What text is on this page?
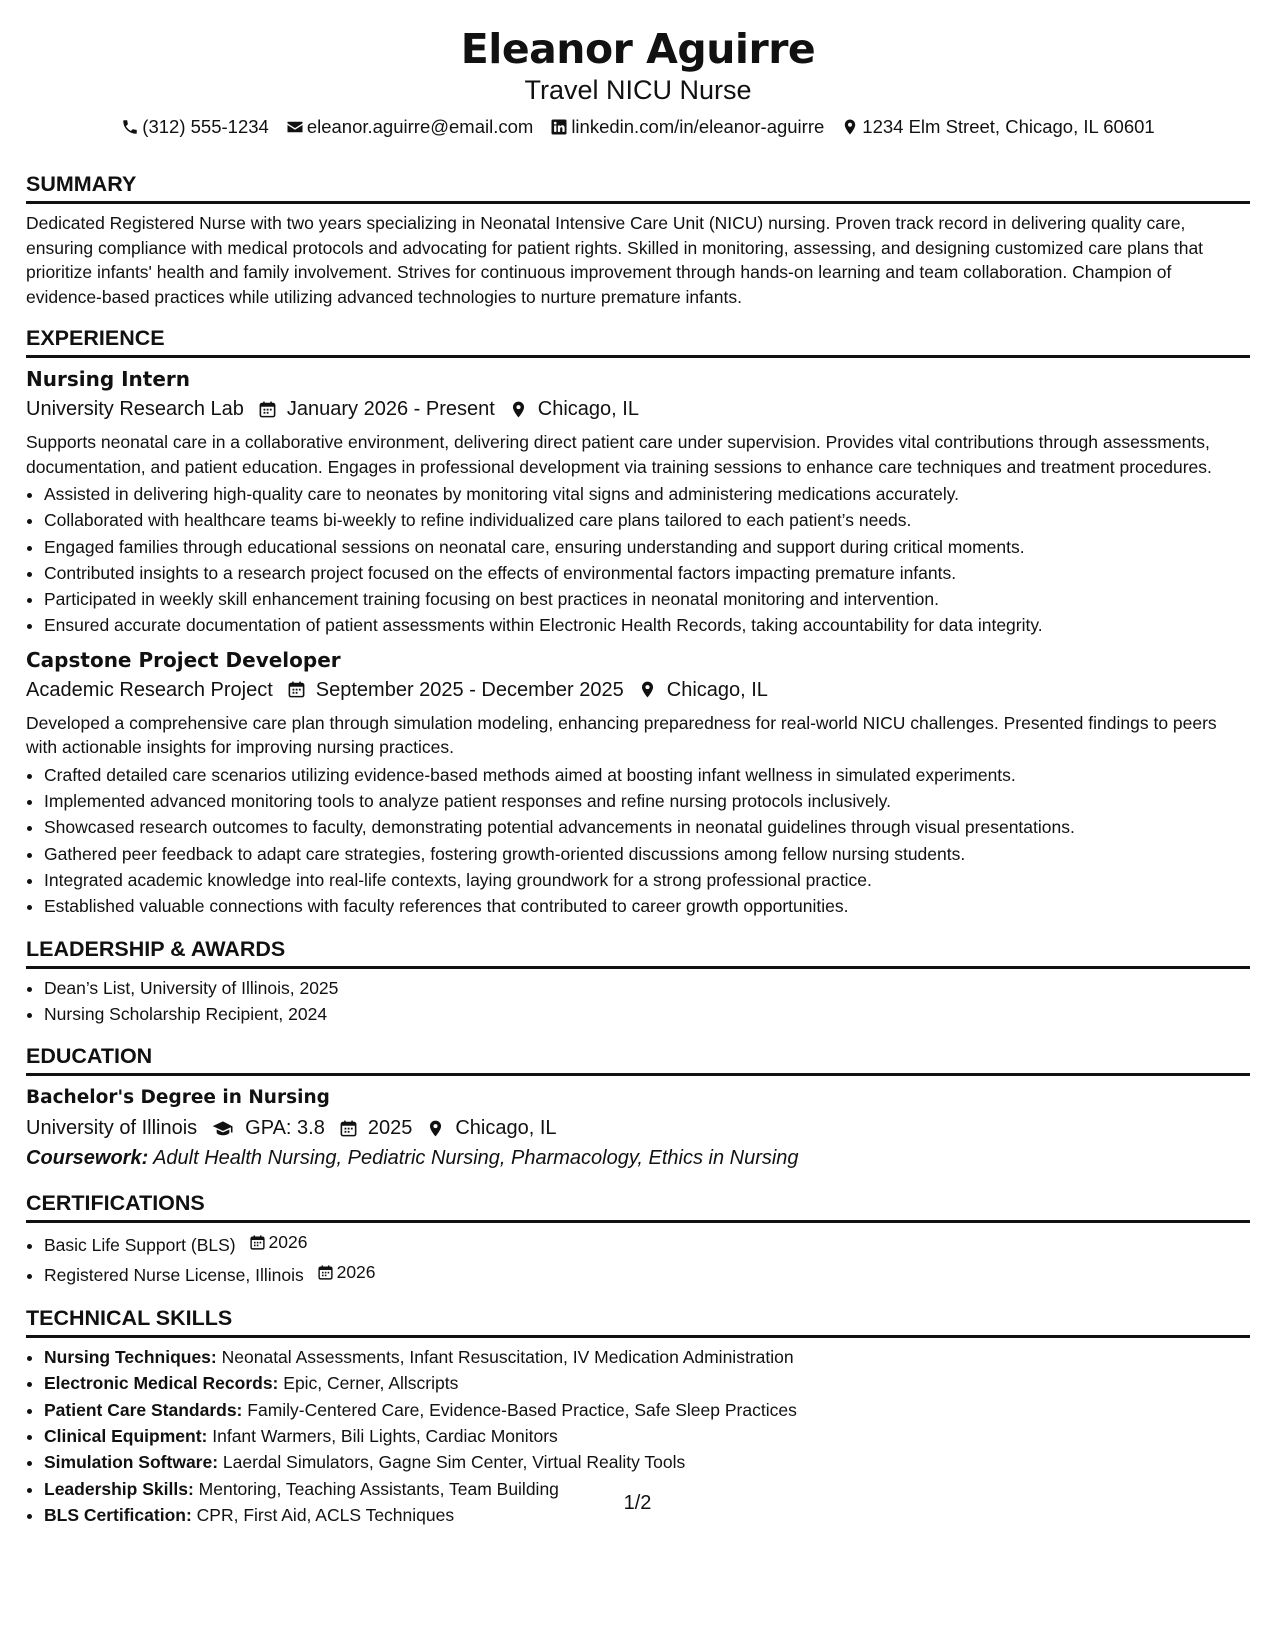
Eleanor Aguirre
Travel NICU Nurse
(312) 555-1234 eleanor.aguirre@email.com linkedin.com/in/eleanor-aguirre 1234 Elm Street, Chicago, IL 60601
SUMMARY
Dedicated Registered Nurse with two years specializing in Neonatal Intensive Care Unit (NICU) nursing. Proven track record in delivering quality care, ensuring compliance with medical protocols and advocating for patient rights. Skilled in monitoring, assessing, and designing customized care plans that prioritize infants' health and family involvement. Strives for continuous improvement through hands-on learning and team collaboration. Champion of evidence-based practices while utilizing advanced technologies to nurture premature infants.
EXPERIENCE
Nursing Intern
University Research Lab January 2026 - Present Chicago, IL
Supports neonatal care in a collaborative environment, delivering direct patient care under supervision. Provides vital contributions through assessments, documentation, and patient education. Engages in professional development via training sessions to enhance care techniques and treatment procedures.
• Assisted in delivering high-quality care to neonates by monitoring vital signs and administering medications accurately.
• Collaborated with healthcare teams bi-weekly to refine individualized care plans tailored to each patient’s needs.
• Engaged families through educational sessions on neonatal care, ensuring understanding and support during critical moments.
• Contributed insights to a research project focused on the effects of environmental factors impacting premature infants.
• Participated in weekly skill enhancement training focusing on best practices in neonatal monitoring and intervention.
• Ensured accurate documentation of patient assessments within Electronic Health Records, taking accountability for data integrity.
Capstone Project Developer
Academic Research Project September 2025 - December 2025 Chicago, IL
Developed a comprehensive care plan through simulation modeling, enhancing preparedness for real-world NICU challenges. Presented findings to peers with actionable insights for improving nursing practices.
• Crafted detailed care scenarios utilizing evidence-based methods aimed at boosting infant wellness in simulated experiments.
• Implemented advanced monitoring tools to analyze patient responses and refine nursing protocols inclusively.
• Showcased research outcomes to faculty, demonstrating potential advancements in neonatal guidelines through visual presentations.
• Gathered peer feedback to adapt care strategies, fostering growth-oriented discussions among fellow nursing students.
• Integrated academic knowledge into real-life contexts, laying groundwork for a strong professional practice.
• Established valuable connections with faculty references that contributed to career growth opportunities.
LEADERSHIP & AWARDS
• Dean’s List, University of Illinois, 2025
• Nursing Scholarship Recipient, 2024
EDUCATION
Bachelor's Degree in Nursing
University of Illinois GPA: 3.8 2025 Chicago, IL
Coursework: Adult Health Nursing, Pediatric Nursing, Pharmacology, Ethics in Nursing
CERTIFICATIONS
• Basic Life Support (BLS) 2026
• Registered Nurse License, Illinois 2026
TECHNICAL SKILLS
• Nursing Techniques: Neonatal Assessments, Infant Resuscitation, IV Medication Administration
• Electronic Medical Records: Epic, Cerner, Allscripts
• Patient Care Standards: Family-Centered Care, Evidence-Based Practice, Safe Sleep Practices
• Clinical Equipment: Infant Warmers, Bili Lights, Cardiac Monitors
• Simulation Software: Laerdal Simulators, Gagne Sim Center, Virtual Reality Tools
• Leadership Skills: Mentoring, Teaching Assistants, Team Building
• BLS Certification: CPR, First Aid, ACLS Techniques
1/2
